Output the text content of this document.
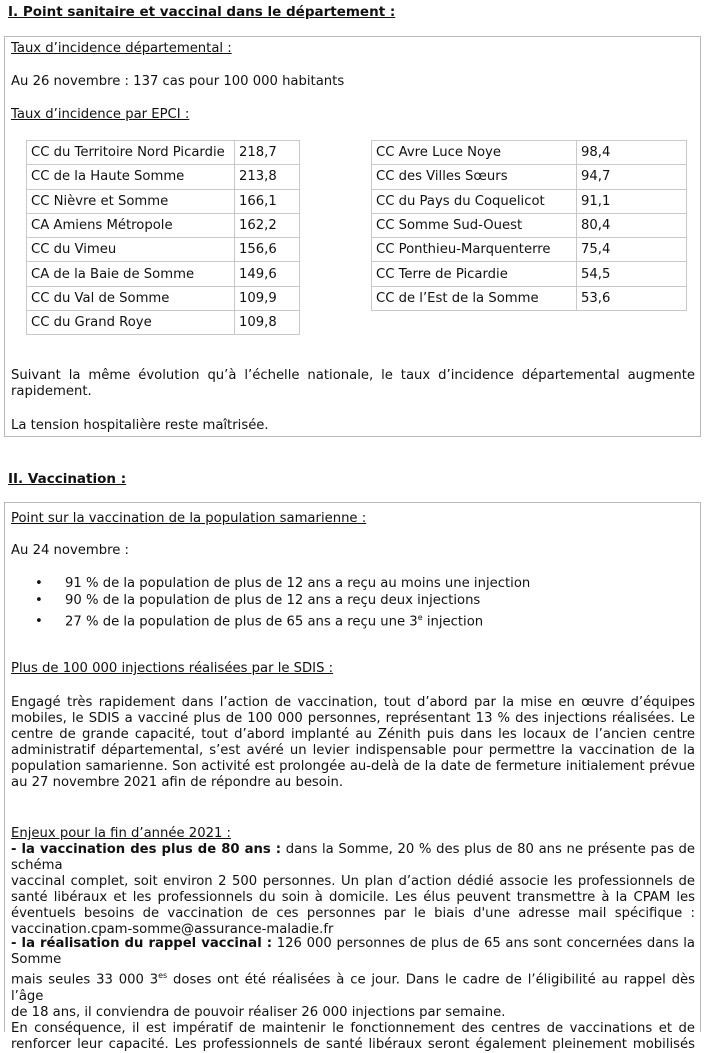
I. Point sanitaire et vaccinal dans le département :
Taux d’incidence départemental :
Au 26 novembre : 137 cas pour 100 000 habitants
Taux d’incidence par EPCI :
CC du Territoire Nord Picardie	218,7
CC de la Haute Somme	213,8
CC Nièvre et Somme	166,1
CA Amiens Métropole	162,2
CC du Vimeu	156,6
CA de la Baie de Somme	149,6
CC du Val de Somme	109,9
CC du Grand Roye	109,8
CC Avre Luce Noye	98,4
CC des Villes Sœurs	94,7
CC du Pays du Coquelicot	91,1
CC Somme Sud-Ouest	80,4
CC Ponthieu-Marquenterre	75,4
CC Terre de Picardie	54,5
CC de l’Est de la Somme	53,6
Suivant la même évolution qu’à l’échelle nationale, le taux d’incidence départemental augmente rapidement.
La tension hospitalière reste maîtrisée.
II. Vaccination :
Point sur la vaccination de la population samarienne :
Au 24 novembre :
• 91 % de la population de plus de 12 ans a reçu au moins une injection
• 90 % de la population de plus de 12 ans a reçu deux injections
• 27 % de la population de plus de 65 ans a reçu une 3e injection
Plus de 100 000 injections réalisées par le SDIS :
Engagé très rapidement dans l’action de vaccination, tout d’abord par la mise en œuvre d’équipes
mobiles, le SDIS a vacciné plus de 100 000 personnes, représentant 13 % des injections réalisées. Le
centre de grande capacité, tout d’abord implanté au Zénith puis dans les locaux de l’ancien centre
administratif départemental, s’est avéré un levier indispensable pour permettre la vaccination de la
population samarienne. Son activité est prolongée au-delà de la date de fermeture initialement prévue
au 27 novembre 2021 afin de répondre au besoin.
Enjeux pour la fin d’année 2021 :
- la vaccination des plus de 80 ans : dans la Somme, 20 % des plus de 80 ans ne présente pas de schéma
vaccinal complet, soit environ 2 500 personnes. Un plan d’action dédié associe les professionnels de
santé libéraux et les professionnels du soin à domicile. Les élus peuvent transmettre à la CPAM les
éventuels besoins de vaccination de ces personnes par le biais d'une adresse mail spécifique :
vaccination.cpam-somme@assurance-maladie.fr
- la réalisation du rappel vaccinal : 126 000 personnes de plus de 65 ans sont concernées dans la Somme
mais seules 33 000 $3^{es}$ doses ont été réalisées à ce jour. Dans le cadre de l’éligibilité au rappel dès l’âge
de 18 ans, il conviendra de pouvoir réaliser 26 000 injections par semaine.
En conséquence, il est impératif de maintenir le fonctionnement des centres de vaccinations et de
renforcer leur capacité. Les professionnels de santé libéraux seront également pleinement mobilisés
